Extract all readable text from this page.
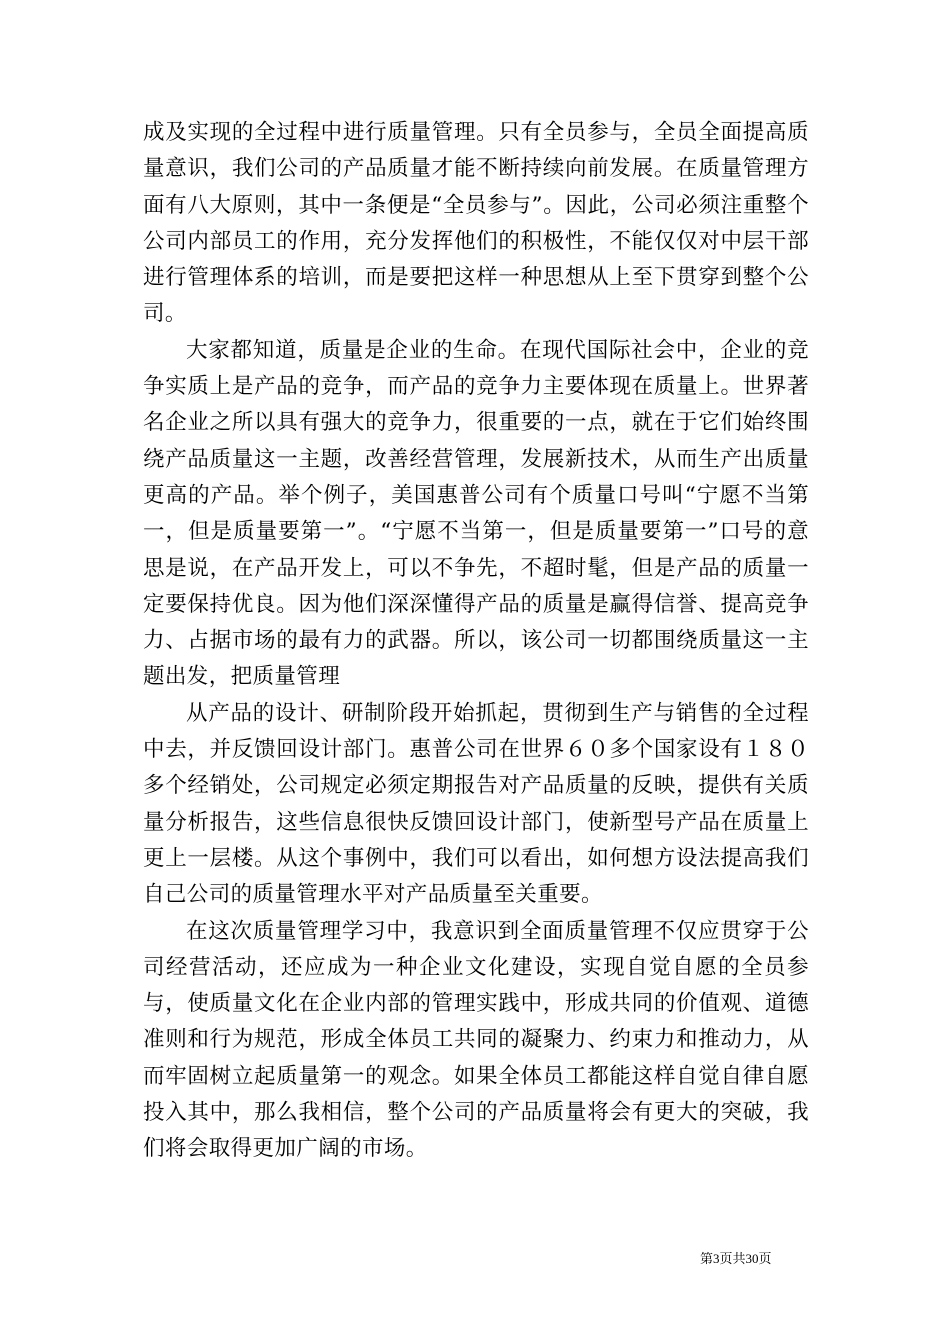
成及实现的全过程中进行质量管理。只有全员参与，全员全面提高质量意识，我们公司的产品质量才能不断持续向前发展。在质量管理方面有八大原则，其中一条便是“全员参与”。因此，公司必须注重整个公司内部员工的作用，充分发挥他们的积极性，不能仅仅对中层干部进行管理体系的培训，而是要把这样一种思想从上至下贯穿到整个公司。

大家都知道，质量是企业的生命。在现代国际社会中，企业的竞争实质上是产品的竞争，而产品的竞争力主要体现在质量上。世界著名企业之所以具有强大的竞争力，很重要的一点，就在于它们始终围绕产品质量这一主题，改善经营管理，发展新技术，从而生产出质量更高的产品。举个例子，美国惠普公司有个质量口号叫“宁愿不当第一，但是质量要第一”。“宁愿不当第一，但是质量要第一”口号的意思是说，在产品开发上，可以不争先，不超时髦，但是产品的质量一定要保持优良。因为他们深深懂得产品的质量是赢得信誉、提高竞争力、占据市场的最有力的武器。所以，该公司一切都围绕质量这一主题出发，把质量管理

从产品的设计、研制阶段开始抓起，贯彻到生产与销售的全过程中去，并反馈回设计部门。惠普公司在世界６０多个国家设有１８０多个经销处，公司规定必须定期报告对产品质量的反映，提供有关质量分析报告，这些信息很快反馈回设计部门，使新型号产品在质量上更上一层楼。从这个事例中，我们可以看出，如何想方设法提高我们自己公司的质量管理水平对产品质量至关重要。

在这次质量管理学习中，我意识到全面质量管理不仅应贯穿于公司经营活动，还应成为一种企业文化建设，实现自觉自愿的全员参与，使质量文化在企业内部的管理实践中，形成共同的价值观、道德准则和行为规范，形成全体员工共同的凝聚力、约束力和推动力，从而牢固树立起质量第一的观念。如果全体员工都能这样自觉自律自愿投入其中，那么我相信，整个公司的产品质量将会有更大的突破，我们将会取得更加广阔的市场。

第3页共30页
